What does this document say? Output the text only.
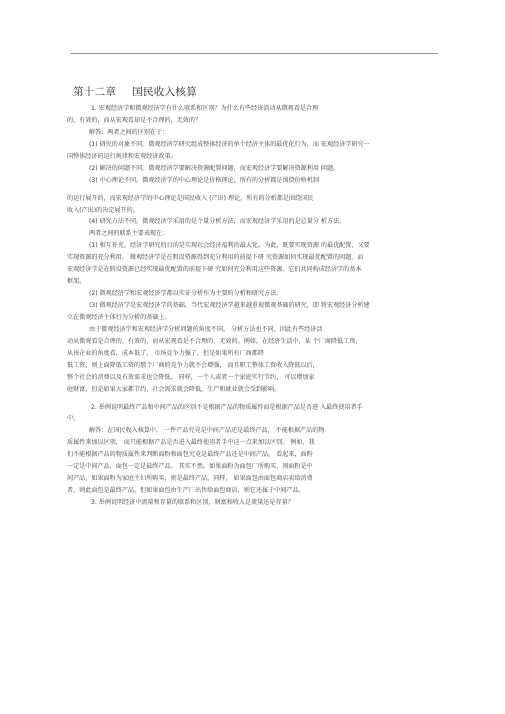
第十二章 国民收入核算
1. 宏观经济学和微观经济学有什么联系和区别？为什么有些经济活动从微观看是合理
的，有效的，而从宏观看却是不合理的，无效的？
解答：两者之间的区别在于：
(1) 研究的对象不同。微观经济学研究组成整体经济的单个经济主体的最优化行为，而 宏观经济学研究一
国整体经济的运行规律和宏观经济政策。
(2) 解决的问题不同。微观经济学要解决资源配置问题，而宏观经济学要解决资源利用 问题。
(3) 中心理论不同。微观经济学的中心理论是价格理论，所有的分析都是围绕价格机制
的运行展开的，而宏观经济学的中心理论是国民收入 (产出) 理论，所有的分析都是围绕国民
收入(产出)的决定展开的。
(4) 研究方法不同。微观经济学采用的是个量分析方法，而宏观经济学采用的是总量分 析方法。
两者之间的联系主要表现在：
(1) 相互补充。经济学研究的目的是实现社会经济福利的最大化。为此，既要实现资源 的最优配置，又要
实现资源的充分利用。 微观经济学是在假设资源得到充分利用的前提下研 究资源如何实现最优配置的问题，而
宏观经济学是在假设资源已经实现最优配置的前提下研 究如何充分利用这些资源。它们共同构成经济学的基本
框架。
(2) 微观经济学和宏观经济学都以实证分析作为主要的分析和研究方法。
(3) 微观经济学是宏观经济学的基础。当代宏观经济学越来越重视微观基础的研究，即 将宏观经济分析建
立在微观经济主体行为分析的基础上。
由于微观经济学和宏观经济学分析问题的角度不同， 分析方法也不同，因此有些经济活
动从微观看是合理的，有效的，而从宏观看是不合理的，无效的。例如，在经济生活中，某 个厂商降低工资，
从该企业的角度看，成本低了， 市场竞争力强了，但是如果所有厂商都降
低工资，则上面降低工资的那个厂商的竞争力就不会增强， 而且职工整体工资收入降低以后，
整个社会的消费以及有效需求也会降低。 同样，一个人或者一个家庭实行节约， 可以增加家
庭财富，但是如果大家都节约，社会需求就会降低，生产和就业就会受到影响。
2. 举例说明最终产品和中间产品的区别不是根据产品的物质属性而是根据产品是否进 入最终使用者手
中。
解答：在国民收入核算中， 一件产品究竟是中间产品还是最终产品， 不能根据产品的物
质属性来加以区别， 而只能根据产品是否进入最终使用者手中这一点来加以区别。 例如，我
们不能根据产品的物质属性来判断面粉和面包究竟是最终产品还是中间产品。 看起来，面粉
一定是中间产品，面包一定是最终产品。 其实不然。如果面粉为面包厂所购买，则面粉是中
间产品，如果面粉为家庭主妇所购买，则是最终产品。同样， 如果面包由面包商店卖给消费
者，则此面包是最终产品，但如果面包由生产厂出售给面包商店，则它还属于中间产品。
3. 举例说明经济中流量和存量的联系和区别，财富和收入是流量还是存量？
